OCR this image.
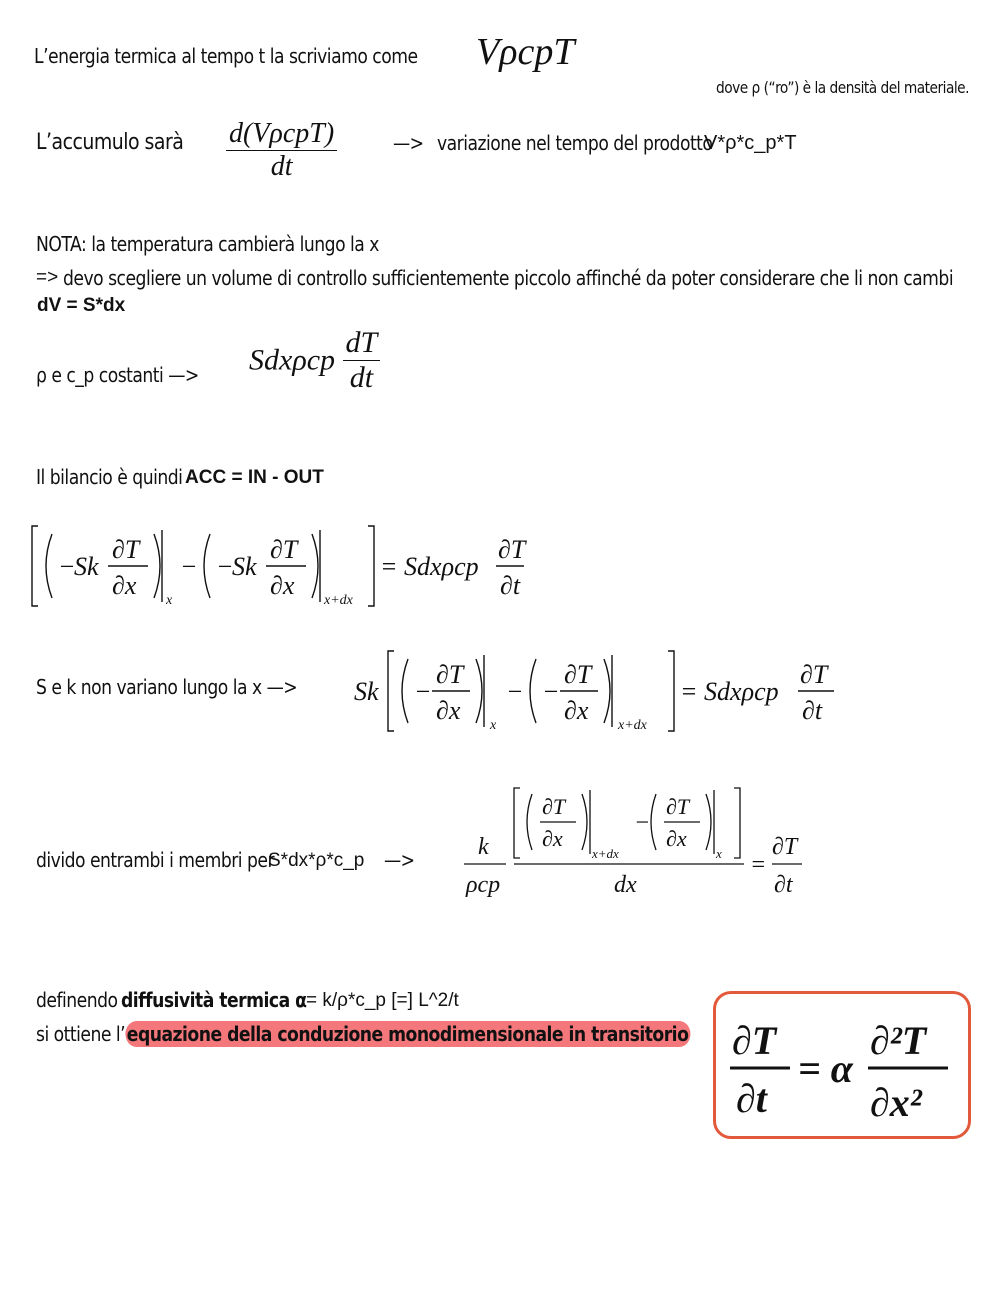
L’energia termica al tempo t la scriviamo come VρcpT
dove ρ (“ro”) è la densità del materiale.
L’accumulo sarà $\frac{\text{d(VρcpT)}}{dt}$	—> variazione nel tempo del prodotto
V*ρ*c_p*T
NOTA: la temperatura cambierà lungo la x
=> devo scegliere un volume di controllo sufficientemente piccolo affinché da poter considerare che li non cambi
dV = S*dx
ρ e c_p costanti —> Sdxρcp $\frac{dT}{dt}$
Il bilancio è quindi ACC = IN - OUT
−
Sk
∂T
∂x
x
− −
Sk
∂T
∂x
x+dx
= Sdxρcp
∂T
∂t
S e k non variano lungo la x —> Sk −
∂T
∂x
x
− −
∂T
∂x
x+dx
= Sdxρcp
∂T
∂t
divido entrambi i membri per
S*dx*ρ*c_p —>	k
ρcp
∂T
∂x
x+dx
−
∂T
∂x
x
dx
=
∂T
∂t
definendo diffusività termica α = k/ρ*c_p [=] L^2/t
si ottiene l’equazione della conduzione monodimensionale in transitorio ∂T
∂t
= α
∂²T
∂x²
